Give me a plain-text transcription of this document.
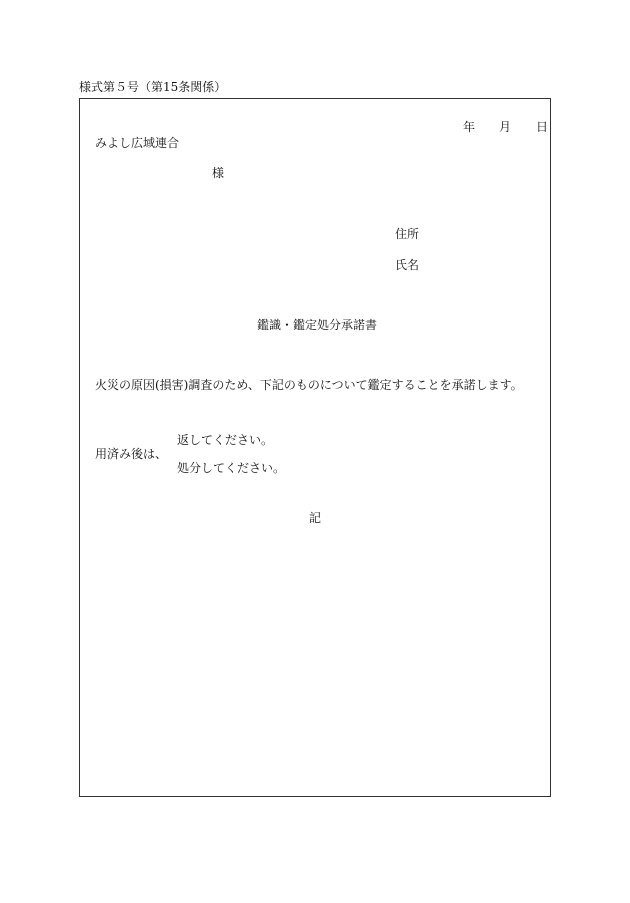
様式第５号（第15条関係）
年 月 日
みよし広域連合
様
住所
氏名
鑑識・鑑定処分承諾書
火災の原因(損害)調査のため、下記のものについて鑑定することを承諾します。
返してください。
用済み後は、
処分してください。
記
